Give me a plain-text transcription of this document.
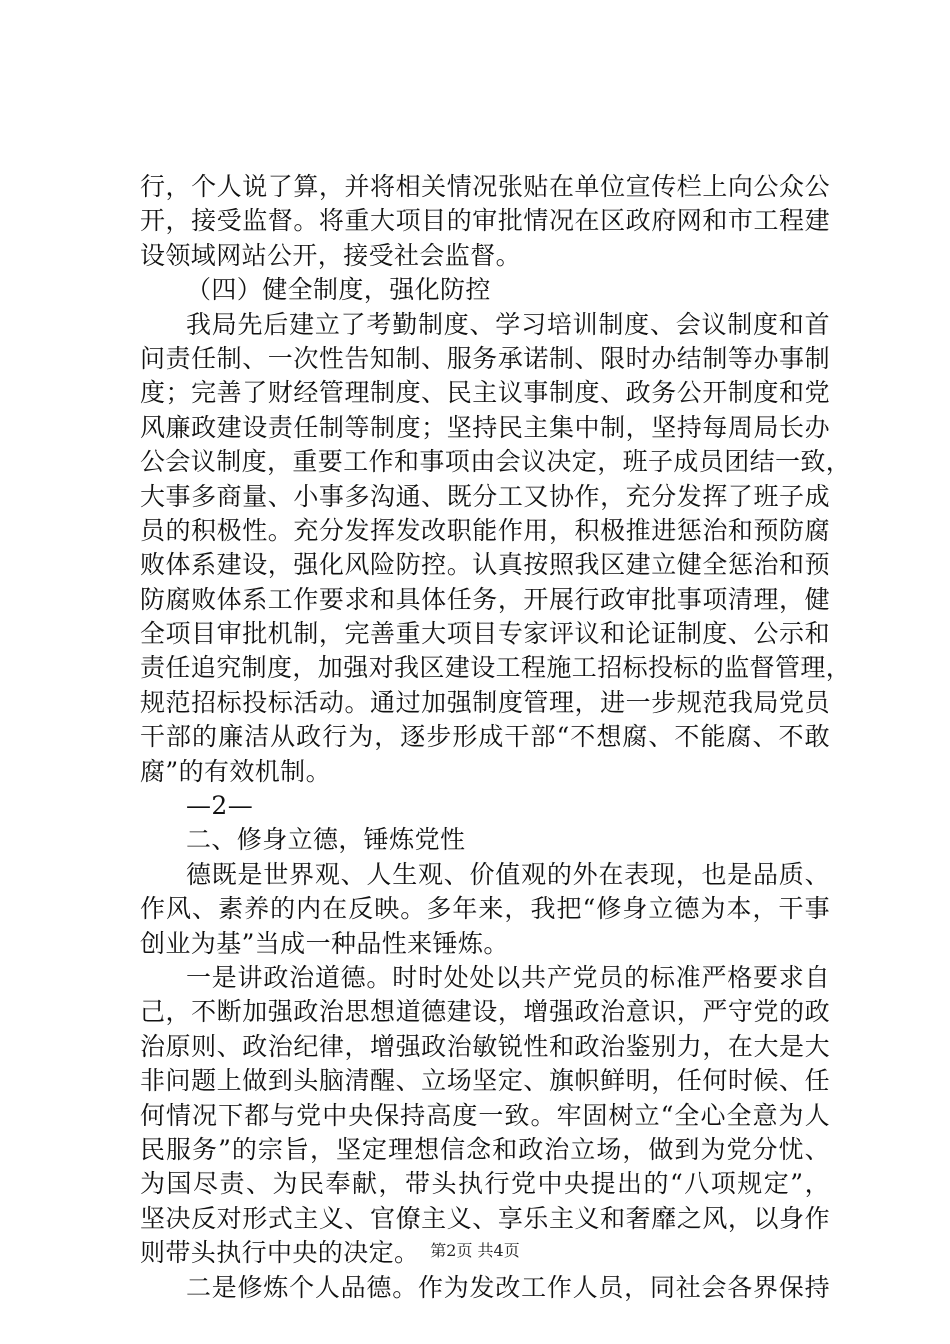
行，个人说了算，并将相关情况张贴在单位宣传栏上向公众公
开，接受监督。将重大项目的审批情况在区政府网和市工程建
设领域网站公开，接受社会监督。
（四）健全制度，强化防控
我局先后建立了考勤制度、学习培训制度、会议制度和首
问责任制、一次性告知制、服务承诺制、限时办结制等办事制
度；完善了财经管理制度、民主议事制度、政务公开制度和党
风廉政建设责任制等制度；坚持民主集中制，坚持每周局长办
公会议制度，重要工作和事项由会议决定，班子成员团结一致，
大事多商量、小事多沟通、既分工又协作，充分发挥了班子成
员的积极性。充分发挥发改职能作用，积极推进惩治和预防腐
败体系建设，强化风险防控。认真按照我区建立健全惩治和预
防腐败体系工作要求和具体任务，开展行政审批事项清理，健
全项目审批机制，完善重大项目专家评议和论证制度、公示和
责任追究制度，加强对我区建设工程施工招标投标的监督管理，
规范招标投标活动。通过加强制度管理，进一步规范我局党员
干部的廉洁从政行为，逐步形成干部“不想腐、不能腐、不敢
腐”的有效机制。
—2—
二、修身立德，锤炼党性
德既是世界观、人生观、价值观的外在表现，也是品质、
作风、素养的内在反映。多年来，我把“修身立德为本，干事
创业为基”当成一种品性来锤炼。
一是讲政治道德。时时处处以共产党员的标准严格要求自
己，不断加强政治思想道德建设，增强政治意识，严守党的政
治原则、政治纪律，增强政治敏锐性和政治鉴别力，在大是大
非问题上做到头脑清醒、立场坚定、旗帜鲜明，任何时候、任
何情况下都与党中央保持高度一致。牢固树立“全心全意为人
民服务”的宗旨，坚定理想信念和政治立场，做到为党分忧、
为国尽责、为民奉献，带头执行党中央提出的“八项规定”，
坚决反对形式主义、官僚主义、享乐主义和奢靡之风，以身作
则带头执行中央的决定。
二是修炼个人品德。作为发改工作人员，同社会各界保持
第2页 共4页
